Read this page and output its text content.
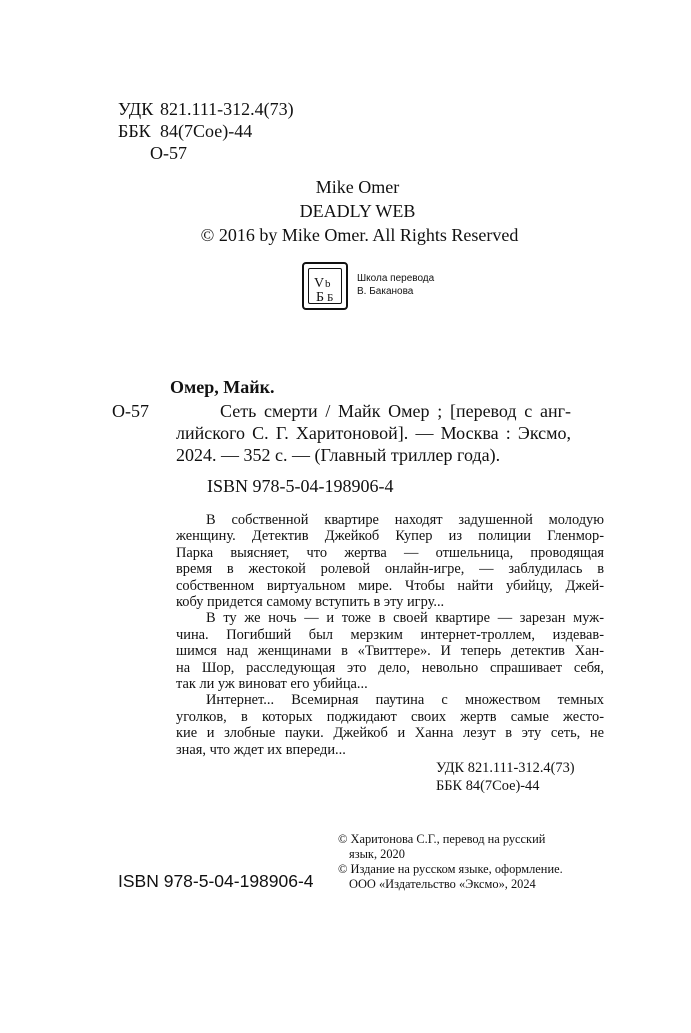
УДК 821.111-312.4(73)
ББК 84(7Сое)-44
О-57
Mike Omer
DEADLY WEB
© 2016 by Mike Omer. All Rights Reserved
V b
Б Б
Школа перевода
В. Баканова
Омер, Майк.
О-57	Сеть смерти / Майк Омер ; [перевод с анг-
лийского С. Г. Харитоновой]. — Москва : Эксмо,
2024. — 352 с. — (Главный триллер года).
ISBN 978-5-04-198906-4
В собственной квартире находят задушенной молодую
женщину. Детектив Джейкоб Купер из полиции Гленмор-
Парка выясняет, что жертва — отшельница, проводящая
время в жестокой ролевой онлайн-игре, — заблудилась в
собственном виртуальном мире. Чтобы найти убийцу, Джей-
кобу придется самому вступить в эту игру...
В ту же ночь — и тоже в своей квартире — зарезан муж-
чина. Погибший был мерзким интернет-троллем, издевав-
шимся над женщинами в «Твиттере». И теперь детектив Хан-
на Шор, расследующая это дело, невольно спрашивает себя,
так ли уж виноват его убийца...
Интернет... Всемирная паутина с множеством темных
уголков, в которых поджидают своих жертв самые жесто-
кие и злобные пауки. Джейкоб и Ханна лезут в эту сеть, не
зная, что ждет их впереди...
УДК 821.111-312.4(73)
ББК 84(7Сое)-44
© Харитонова С.Г., перевод на русский
язык, 2020
© Издание на русском языке, оформление.
ООО «Издательство «Эксмо», 2024
ISBN 978-5-04-198906-4
